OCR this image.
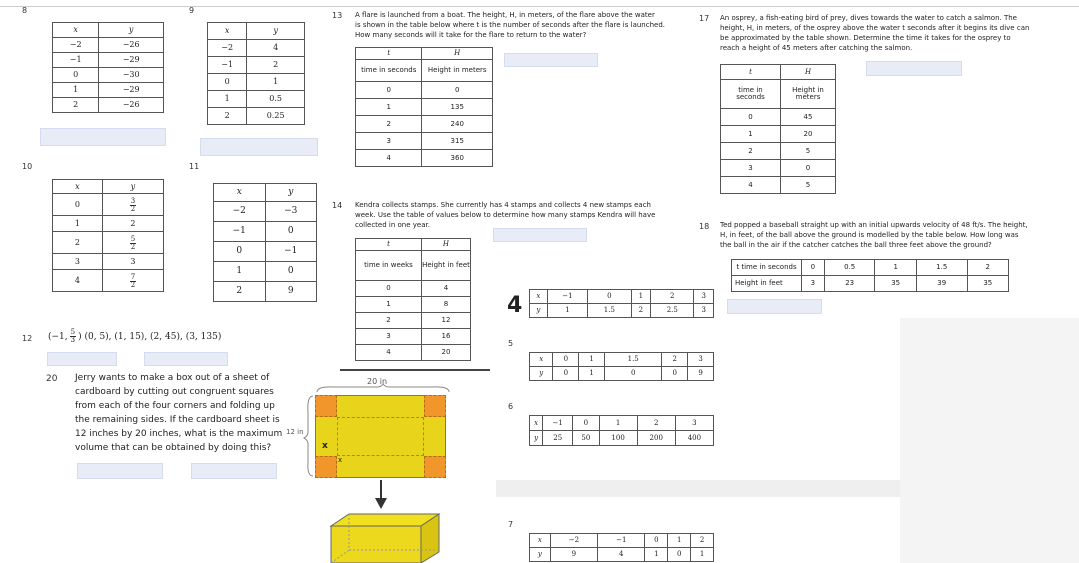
8
x	y
−2	−26
−1	−29
0	−30
1	−29
2	−26
9
x	y
−2	4
−1	2
0	1
1	0.5
2	0.25
10
x	y
0	$\frac{3}{2}$

1	2
2	$\frac{5}{2}$

3	3
4	$\frac{7}{2}$
11
x	y
−2	−3
−1	0
0	−1
1	0
2	9
12 (−1, $\frac{5}{3}$ ) (0, 5), (1, 15), (2, 45), (3, 135)
20 Jerry wants to make a box out of a sheet of
cardboard by cutting out congruent squares
from each of the four corners and folding up
the remaining sides. If the cardboard sheet is
12 inches by 20 inches, what is the maximum
volume that can be obtained by doing this?
20 in
12 in
x
x
13 A flare is launched from a boat. The height, H, in meters, of the flare above the water
is shown in the table below where t is the number of seconds after the flare is launched.
How many seconds will it take for the flare to return to the water?
t	H
time in seconds	Height in meters
0	0
1	135
2	240
3	315
4	360
14 Kendra collects stamps. She currently has 4 stamps and collects 4 new stamps each
week. Use the table of values below to determine how many stamps Kendra will have
collected in one year.
t	H
time in weeks	Height in feet
0	4
1	8
2	12
3	16
4	20
4 x	−1	0	1	2	3
y	1	1.5	2	2.5	3
5
x	0	1	1.5	2	3
y	0	1	0	0	9
6
x	−1	0	1	2	3
y	25	50	100	200	400
7
x	−2	−1	0	1	2
y	9	4	1	0	1
17 An osprey, a fish-eating bird of prey, dives towards the water to catch a salmon. The
height, H, in meters, of the osprey above the water t seconds after it begins its dive can
be approximated by the table shown. Determine the time it takes for the osprey to
reach a height of 45 meters after catching the salmon.
t	H
time in seconds	Height in meters
0	45
1	20
2	5
3	0
4	5
18 Ted popped a baseball straight up with an initial upwards velocity of 48 ft/s. The height,
H, in feet, of the ball above the ground is modelled by the table below. How long was
the ball in the air if the catcher catches the ball three feet above the ground?
t time in seconds	0	0.5	1	1.5	2
Height in feet	3	23	35	39	35
